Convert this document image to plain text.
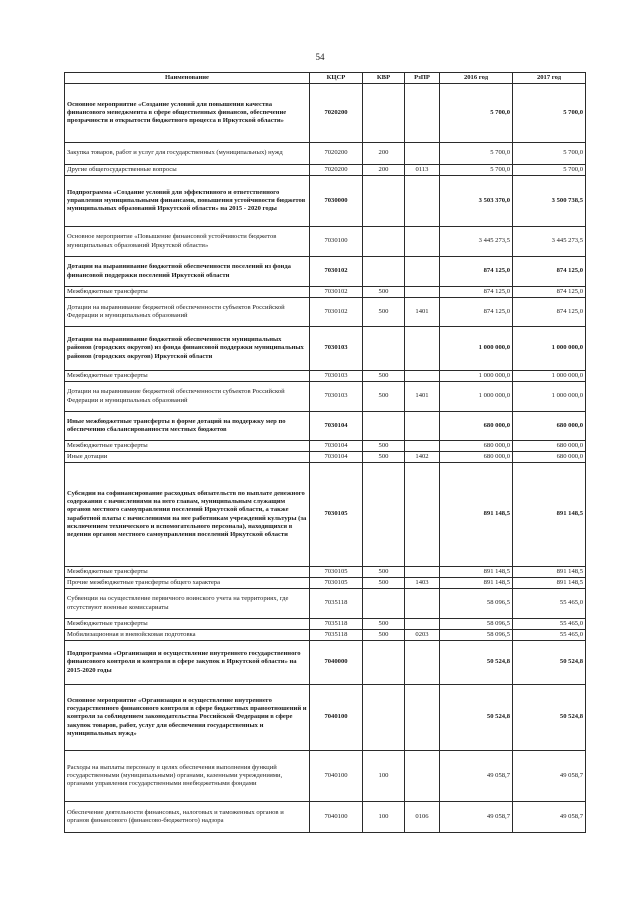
54
Наименование	КЦСР	КВР	РзПР	2016 год	2017 год
Основное мероприятие «Создание условий для повышения качества финансового менеджмента в сфере общественных финансов, обеспечение прозрачности и открытости бюджетного процесса в Иркутской области»	7020200			5 700,0	5 700,0
Закупка товаров, работ и услуг для государственных (муниципальных) нужд	7020200	200		5 700,0	5 700,0
Другие общегосударственные вопросы	7020200	200	0113	5 700,0	5 700,0
Подпрограмма «Создание условий для эффективного и ответственного управления муниципальными финансами, повышения устойчивости бюджетов муниципальных образований Иркутской области» на 2015 - 2020 годы	7030000			3 503 370,0	3 500 738,5
Основное мероприятие «Повышение финансовой устойчивости бюджетов муниципальных образований Иркутской области»	7030100			3 445 273,5	3 445 273,5
Дотации на выравнивание бюджетной обеспеченности поселений из фонда финансовой поддержки поселений Иркутской области	7030102			874 125,0	874 125,0
Межбюджетные трансферты	7030102	500		874 125,0	874 125,0
Дотации на выравнивание бюджетной обеспеченности субъектов Российской Федерации и муниципальных образований	7030102	500	1401	874 125,0	874 125,0
Дотации на выравнивание бюджетной обеспеченности муниципальных районов (городских округов) из фонда финансовой поддержки муниципальных районов (городских округов) Иркутской области	7030103			1 000 000,0	1 000 000,0
Межбюджетные трансферты	7030103	500		1 000 000,0	1 000 000,0
Дотации на выравнивание бюджетной обеспеченности субъектов Российской Федерации и муниципальных образований	7030103	500	1401	1 000 000,0	1 000 000,0
Иные межбюджетные трансферты в форме дотаций на поддержку мер по обеспечению сбалансированности местных бюджетов	7030104			680 000,0	680 000,0
Межбюджетные трансферты	7030104	500		680 000,0	680 000,0
Иные дотации	7030104	500	1402	680 000,0	680 000,0
Субсидии на софинансирование расходных обязательств по выплате денежного содержания с начислениями на него главам, муниципальным служащим органов местного самоуправления поселений Иркутской области, а также заработной платы с начислениями на нее работникам учреждений культуры (за исключением технического и вспомогательного персонала), находящихся в ведении органов местного самоуправления поселений Иркутской области	7030105			891 148,5	891 148,5
Межбюджетные трансферты	7030105	500		891 148,5	891 148,5
Прочие межбюджетные трансферты общего характера	7030105	500	1403	891 148,5	891 148,5
Субвенции на осуществление первичного воинского учета на территориях, где отсутствуют военные комиссариаты	7035118			58 096,5	55 465,0
Межбюджетные трансферты	7035118	500		58 096,5	55 465,0
Мобилизационная и вневойсковая подготовка	7035118	500	0203	58 096,5	55 465,0
Подпрограмма «Организация и осуществление внутреннего государственного финансового контроля и контроля в сфере закупок в Иркутской области» на 2015-2020 годы	7040000			50 524,8	50 524,8
Основное мероприятие «Организация и осуществление внутреннего государственного финансового контроля в сфере бюджетных правоотношений и контроля за соблюдением законодательства Российской Федерации в сфере закупок товаров, работ, услуг для обеспечения государственных и муниципальных нужд»	7040100			50 524,8	50 524,8
Расходы на выплаты персоналу в целях обеспечения выполнения функций государственными (муниципальными) органами, казенными учреждениями, органами управления государственными внебюджетными фондами	7040100	100		49 058,7	49 058,7
Обеспечение деятельности финансовых, налоговых и таможенных органов и органов финансового (финансово-бюджетного) надзора	7040100	100	0106	49 058,7	49 058,7
